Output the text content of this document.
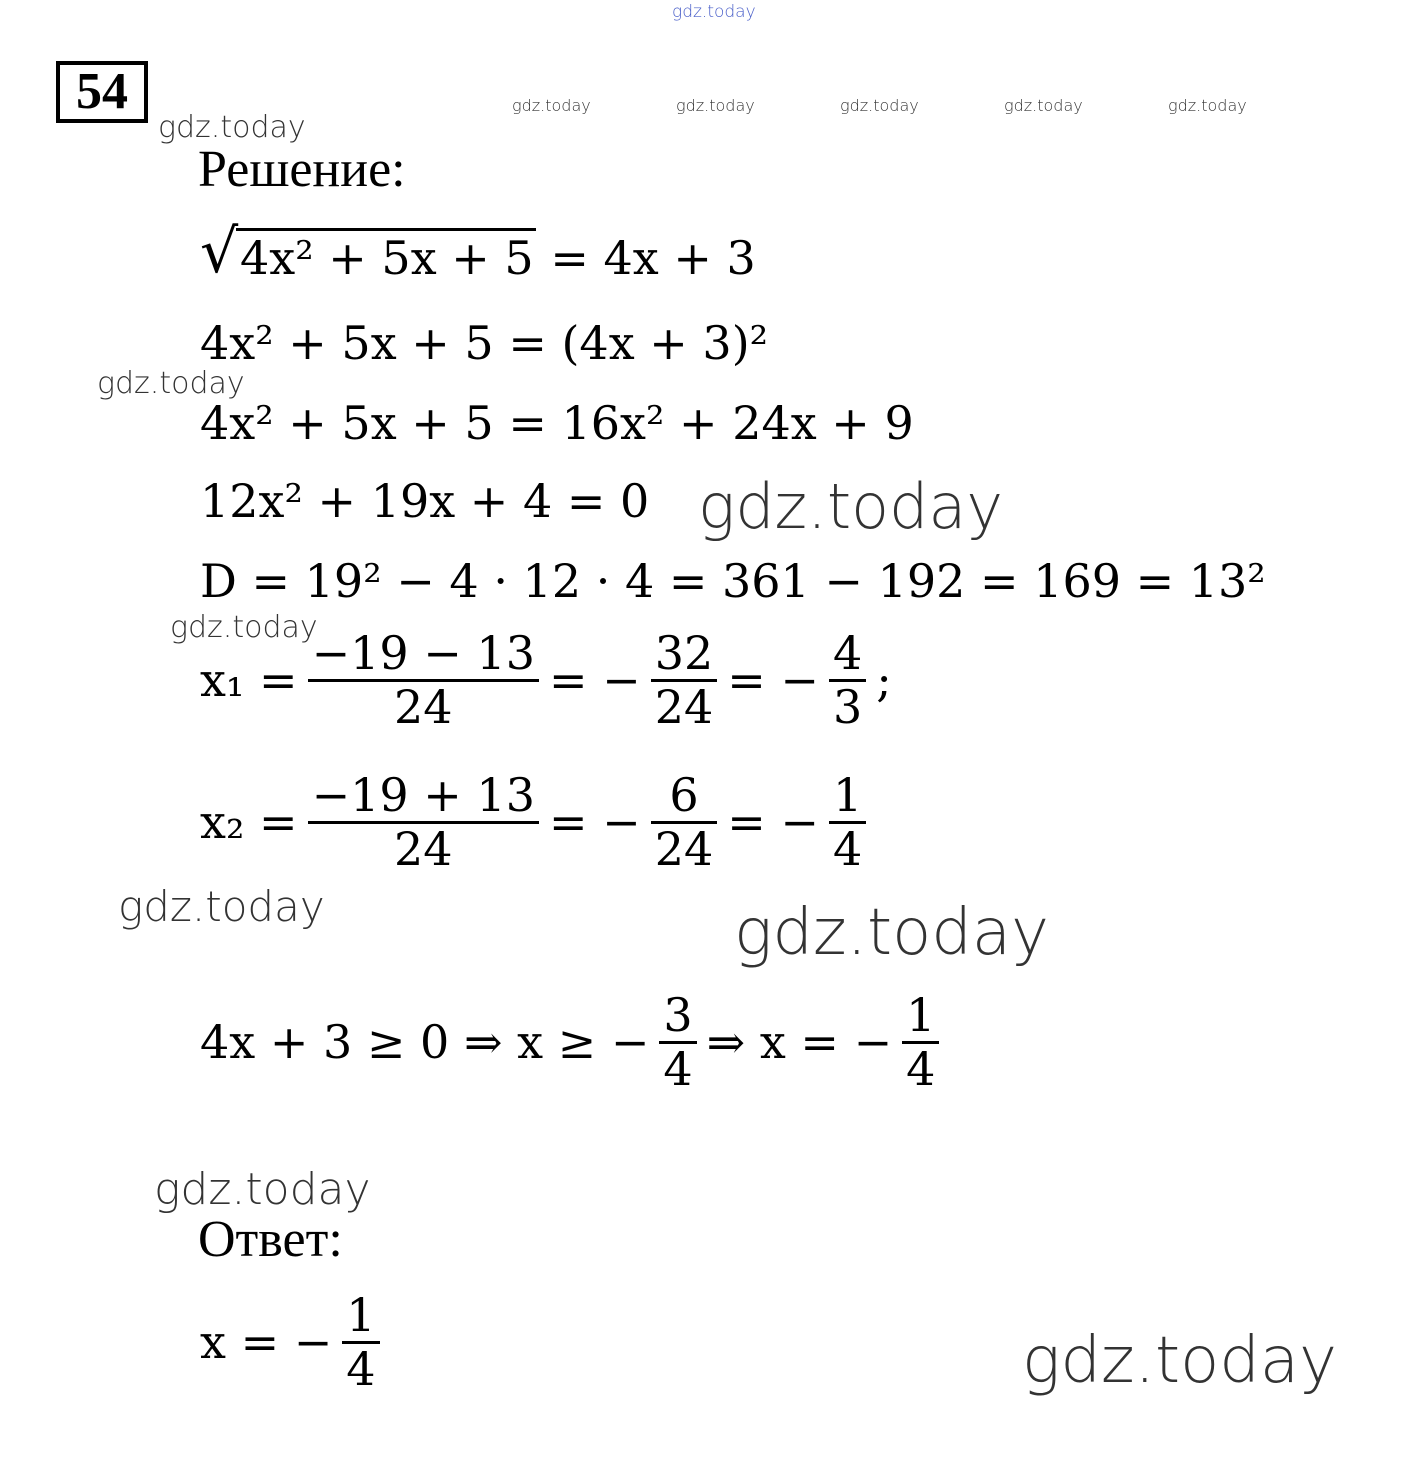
gdz.today
gdz.today	gdz.today	gdz.today	gdz.today	gdz.today
54
gdz.today
Решение:
√ 4x² + 5x + 5 = 4x + 3
4x² + 5x + 5 = (4x + 3)²
gdz.today
4x² + 5x + 5 = 16x² + 24x + 9
12x² + 19x + 4 = 0 gdz.today
D = 19² − 4 · 12 · 4 = 361 − 192 = 169 = 13²
gdz.today
$x_1 = \frac{-19 - 13}{24}$ = − $\frac{32}{24}$ = − $\frac{4}{3}$ ;
$x_2 = \frac{-19 + 13}{24}$ = − $\frac{6}{24}$ = − $\frac{1}{4}$
gdz.today	gdz.today
4x + 3 ≥ 0 ⇒ x ≥ − $\frac{3}{4}$ ⇒ x = − $\frac{1}{4}$
gdz.today
Ответ:
x = − $\frac{1}{4}$	gdz.today
